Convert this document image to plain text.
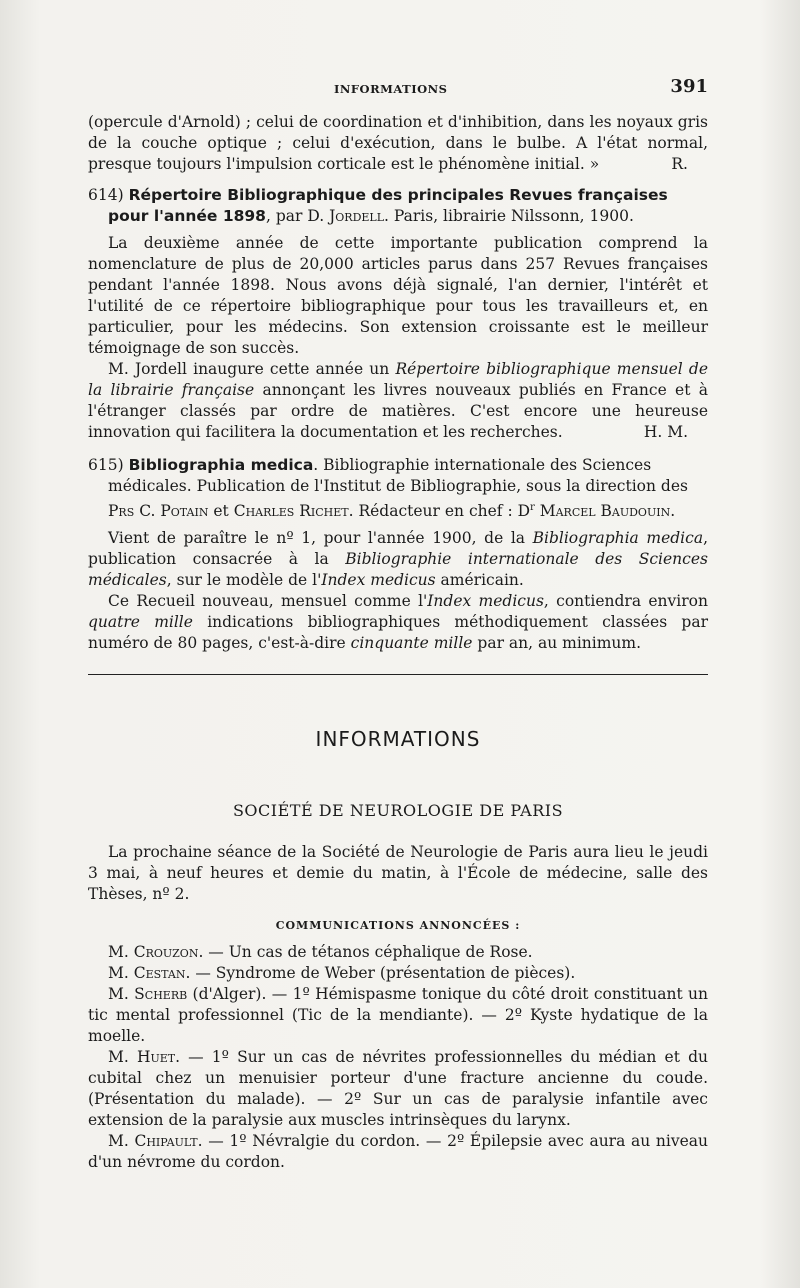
INFORMATIONS	391

(opercule d'Arnold) ; celui de coordination et d'inhibition, dans les noyaux gris de la couche optique ; celui d'exécution, dans le bulbe. A l'état normal, presque toujours l'impulsion corticale est le phénomène initial. »	R.

614) Répertoire Bibliographique des principales Revues françaises pour l'année 1898, par D. Jordell. Paris, librairie Nilssonn, 1900.

La deuxième année de cette importante publication comprend la nomenclature de plus de 20,000 articles parus dans 257 Revues françaises pendant l'année 1898. Nous avons déjà signalé, l'an dernier, l'intérêt et l'utilité de ce répertoire bibliographique pour tous les travailleurs et, en particulier, pour les médecins. Son extension croissante est le meilleur témoignage de son succès.

M. Jordell inaugure cette année un Répertoire bibliographique mensuel de la librairie française annonçant les livres nouveaux publiés en France et à l'étranger classés par ordre de matières. C'est encore une heureuse innovation qui facilitera la documentation et les recherches.	H. M.

615) Bibliographia medica. Bibliographie internationale des Sciences médicales. Publication de l'Institut de Bibliographie, sous la direction des Prs C. Potain et Charles Richet. Rédacteur en chef : $D^r$ Marcel Baudouin.

Vient de paraître le nº 1, pour l'année 1900, de la Bibliographia medica, publication consacrée à la Bibliographie internationale des Sciences médicales, sur le modèle de l'Index medicus américain.

Ce Recueil nouveau, mensuel comme l'Index medicus, contiendra environ quatre mille indications bibliographiques méthodiquement classées par numéro de 80 pages, c'est-à-dire cinquante mille par an, au minimum.

INFORMATIONS
SOCIÉTÉ DE NEUROLOGIE DE PARIS

La prochaine séance de la Société de Neurologie de Paris aura lieu le jeudi 3 mai, à neuf heures et demie du matin, à l'École de médecine, salle des Thèses, nº 2.

COMMUNICATIONS ANNONCÉES :

M. Crouzon. — Un cas de tétanos céphalique de Rose.

M. Cestan. — Syndrome de Weber (présentation de pièces).

M. Scherb (d'Alger). — 1º Hémispasme tonique du côté droit constituant un tic mental professionnel (Tic de la mendiante). — 2º Kyste hydatique de la moelle.

M. Huet. — 1º Sur un cas de névrites professionnelles du médian et du cubital chez un menuisier porteur d'une fracture ancienne du coude. (Présentation du malade). — 2º Sur un cas de paralysie infantile avec extension de la paralysie aux muscles intrinsèques du larynx.

M. Chipault. — 1º Névralgie du cordon. — 2º Épilepsie avec aura au niveau d'un névrome du cordon.
